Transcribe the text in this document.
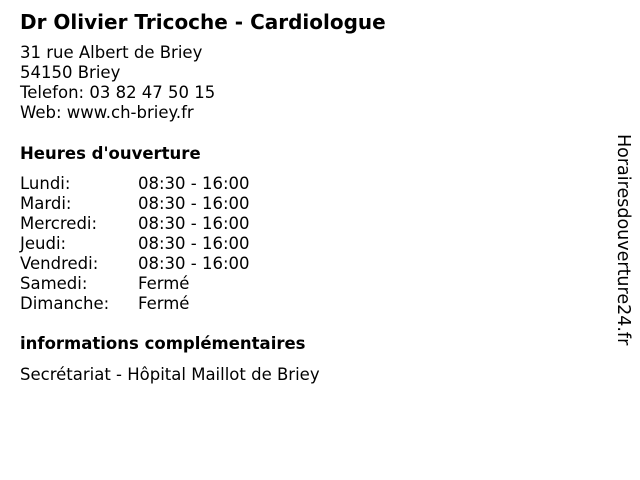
Dr Olivier Tricoche - Cardiologue
31 rue Albert de Briey
54150 Briey
Telefon: 03 82 47 50 15
Web: www.ch-briey.fr
Heures d'ouverture
Lundi:	08:30 - 16:00
Mardi:	08:30 - 16:00
Mercredi:	08:30 - 16:00
Jeudi:	08:30 - 16:00
Vendredi:	08:30 - 16:00
Samedi:	Fermé
Dimanche:	Fermé
informations complémentaires
Secrétariat - Hôpital Maillot de Briey
Horairesdouverture24.fr
